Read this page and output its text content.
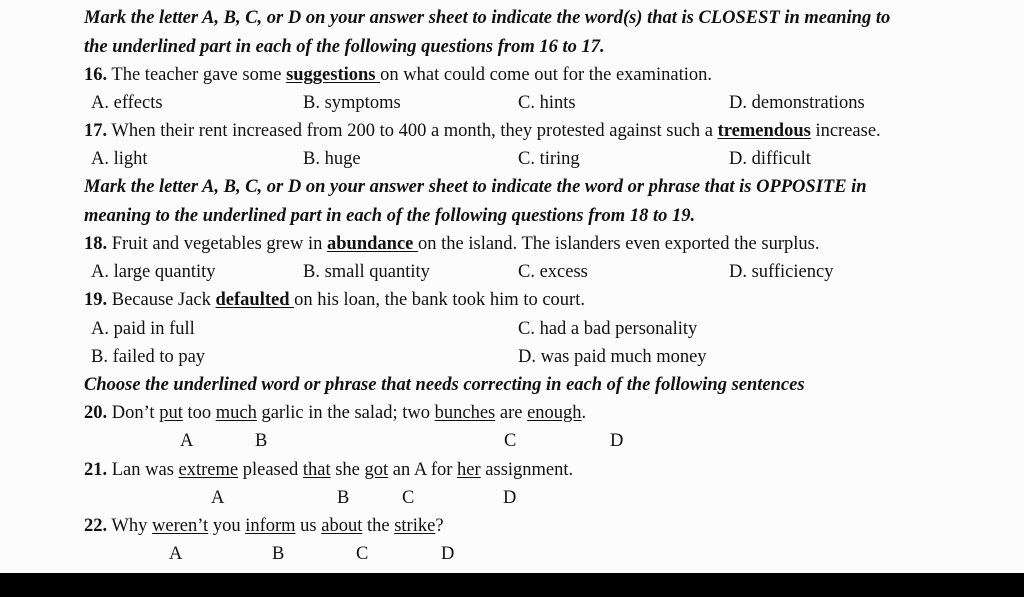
Mark the letter A, B, C, or D on your answer sheet to indicate the word(s) that is CLOSEST in meaning to
the underlined part in each of the following questions from 16 to 17.
16. The teacher gave some suggestions on what could come out for the examination.
A. effects	B. symptoms	C. hints	D. demonstrations
17. When their rent increased from 200 to 400 a month, they protested against such a tremendous increase.
A. light	B. huge	C. tiring	D. difficult
Mark the letter A, B, C, or D on your answer sheet to indicate the word or phrase that is OPPOSITE in
meaning to the underlined part in each of the following questions from 18 to 19.
18. Fruit and vegetables grew in abundance on the island. The islanders even exported the surplus.
A. large quantity	B. small quantity	C. excess	D. sufficiency
19. Because Jack defaulted on his loan, the bank took him to court.
A. paid in full	C. had a bad personality
B. failed to pay	D. was paid much money
Choose the underlined word or phrase that needs correcting in each of the following sentences
20. Don’t put too much garlic in the salad; two bunches are enough.
A	B	C	D
21. Lan was extreme pleased that she got an A for her assignment.
A	B	C	D
22. Why weren’t you inform us about the strike?
A	B	C	D
